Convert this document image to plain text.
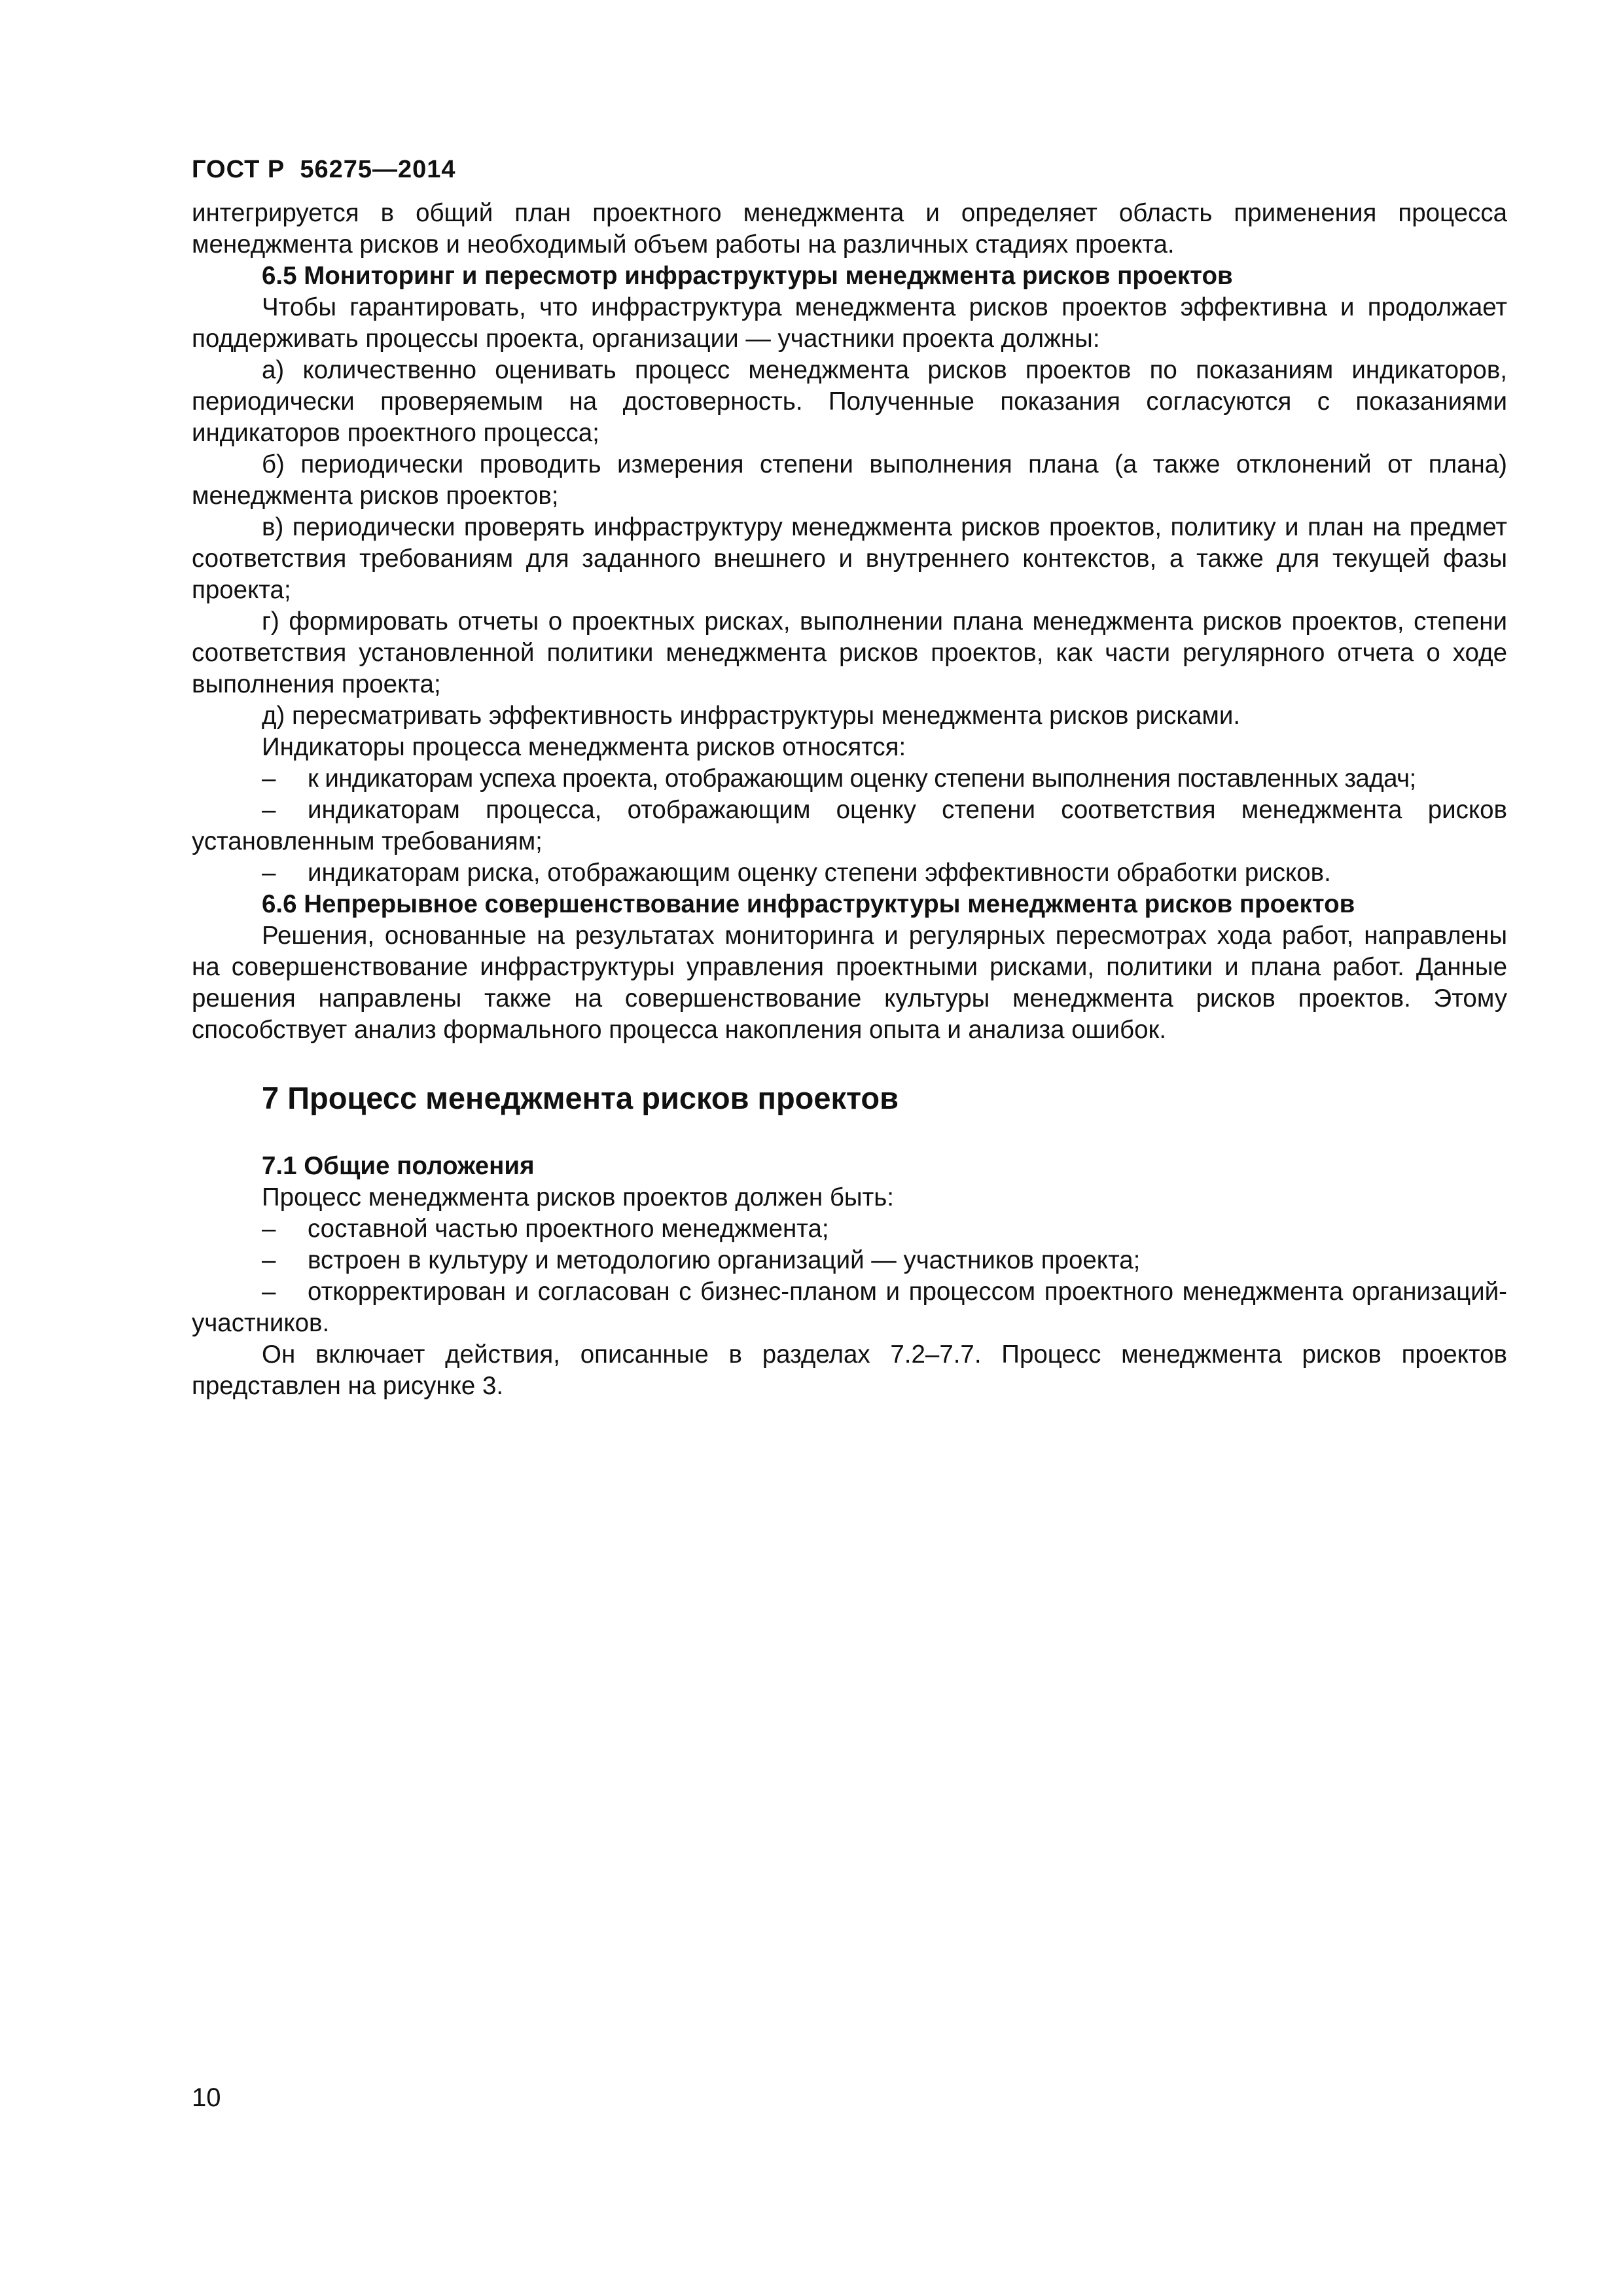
ГОСТ Р  56275—2014

интегрируется в общий план проектного менеджмента и определяет область применения процесса менеджмента рисков и необходимый объем работы на различных стадиях проекта.

6.5 Мониторинг и пересмотр инфраструктуры менеджмента рисков проектов

Чтобы гарантировать, что инфраструктура менеджмента рисков проектов эффективна и продолжает поддерживать процессы проекта, организации — участники проекта должны:

а) количественно оценивать процесс менеджмента рисков проектов по показаниям индикаторов, периодически проверяемым на достоверность. Полученные показания согласуются с показаниями индикаторов проектного процесса;

б) периодически проводить измерения степени выполнения плана (а также отклонений от плана) менеджмента рисков проектов;

в) периодически проверять инфраструктуру менеджмента рисков проектов, политику и план на предмет соответствия требованиям для заданного внешнего и внутреннего контекстов, а также для текущей фазы проекта;

г) формировать отчеты о проектных рисках, выполнении плана менеджмента рисков проектов, степени соответствия установленной политики менеджмента рисков проектов, как части регулярного отчета о ходе выполнения проекта;

д) пересматривать эффективность инфраструктуры менеджмента рисков рисками.

Индикаторы процесса менеджмента рисков относятся:

– к индикаторам успеха проекта, отображающим оценку степени выполнения поставленных задач;

– индикаторам процесса, отображающим оценку степени соответствия менеджмента рисков установленным требованиям;

– индикаторам риска, отображающим оценку степени эффективности обработки рисков.

6.6 Непрерывное совершенствование инфраструктуры менеджмента рисков проектов

Решения, основанные на результатах мониторинга и регулярных пересмотрах хода работ, направлены на совершенствование инфраструктуры управления проектными рисками, политики и плана работ. Данные решения направлены также на совершенствование культуры менеджмента рисков проектов. Этому способствует анализ формального процесса накопления опыта и анализа ошибок.

7 Процесс менеджмента рисков проектов
7.1 Общие положения

Процесс менеджмента рисков проектов должен быть:

– составной частью проектного менеджмента;

– встроен в культуру и методологию организаций — участников проекта;

– откорректирован и согласован с бизнес-планом и процессом проектного менеджмента организаций-участников.

Он включает действия, описанные в разделах 7.2–7.7. Процесс менеджмента рисков проектов представлен на рисунке 3.

10
